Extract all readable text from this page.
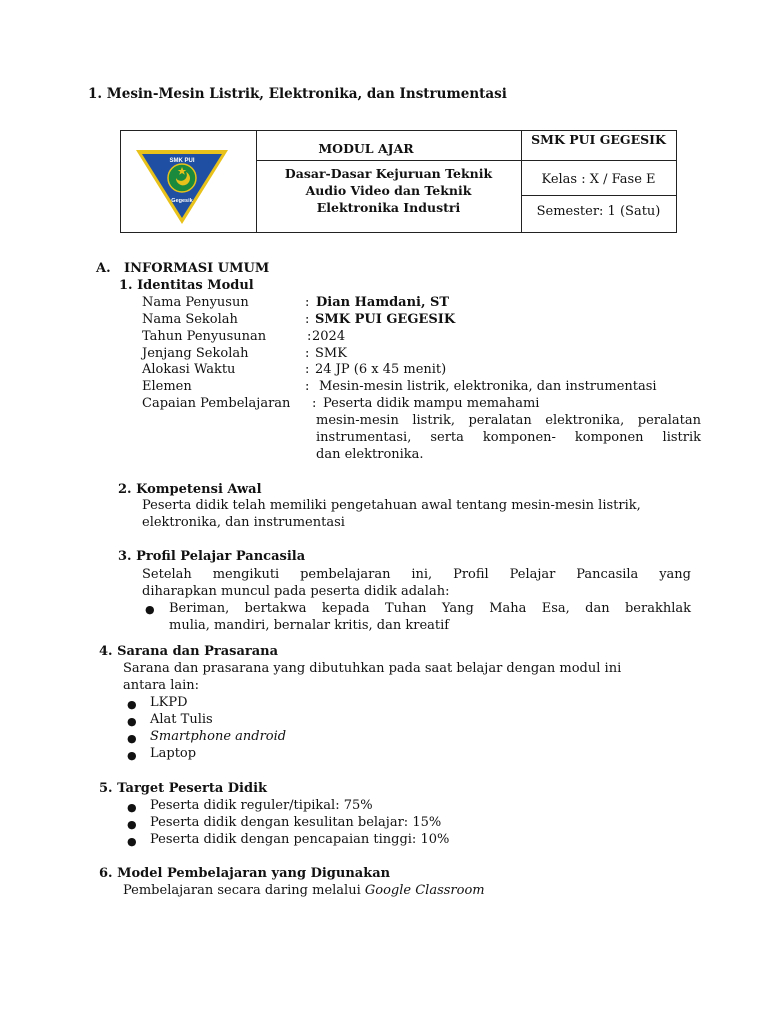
1. Mesin-Mesin Listrik, Elektronika, dan Instrumentasi
SMK PUI
Gegesik
MODUL AJAR
Dasar-Dasar Kejuruan Teknik
Audio Video dan Teknik
Elektronika Industri
SMK PUI GEGESIK
Kelas : X / Fase E
Semester: 1 (Satu)
A. INFORMASI UMUM
1. Identitas Modul
Nama Penyusun	: Dian Hamdani, ST
Nama Sekolah	: SMK PUI GEGESIK
Tahun Penyusunan	: 2024
Jenjang Sekolah	: SMK
Alokasi Waktu	: 24 JP (6 x 45 menit)
Elemen	: Mesin-mesin listrik, elektronika, dan instrumentasi
Capaian Pembelajaran : Peserta didik mampu memahami
mesin-mesin listrik, peralatan elektronika, peralatan
instrumentasi, serta komponen- komponen listrik
dan elektronika.
2. Kompetensi Awal
Peserta didik telah memiliki pengetahuan awal tentang mesin-mesin listrik,
elektronika, dan instrumentasi
3. Profil Pelajar Pancasila
Setelah mengikuti pembelajaran ini, Profil Pelajar Pancasila yang
diharapkan muncul pada peserta didik adalah:
● Beriman, bertakwa kepada Tuhan Yang Maha Esa, dan berakhlak
mulia, mandiri, bernalar kritis, dan kreatif
4. Sarana dan Prasarana
Sarana dan prasarana yang dibutuhkan pada saat belajar dengan modul ini
antara lain:
● LKPD
● Alat Tulis
● Smartphone android
● Laptop
5. Target Peserta Didik
● Peserta didik reguler/tipikal: 75%
● Peserta didik dengan kesulitan belajar: 15%
● Peserta didik dengan pencapaian tinggi: 10%
6. Model Pembelajaran yang Digunakan
Pembelajaran secara daring melalui Google Classroom
